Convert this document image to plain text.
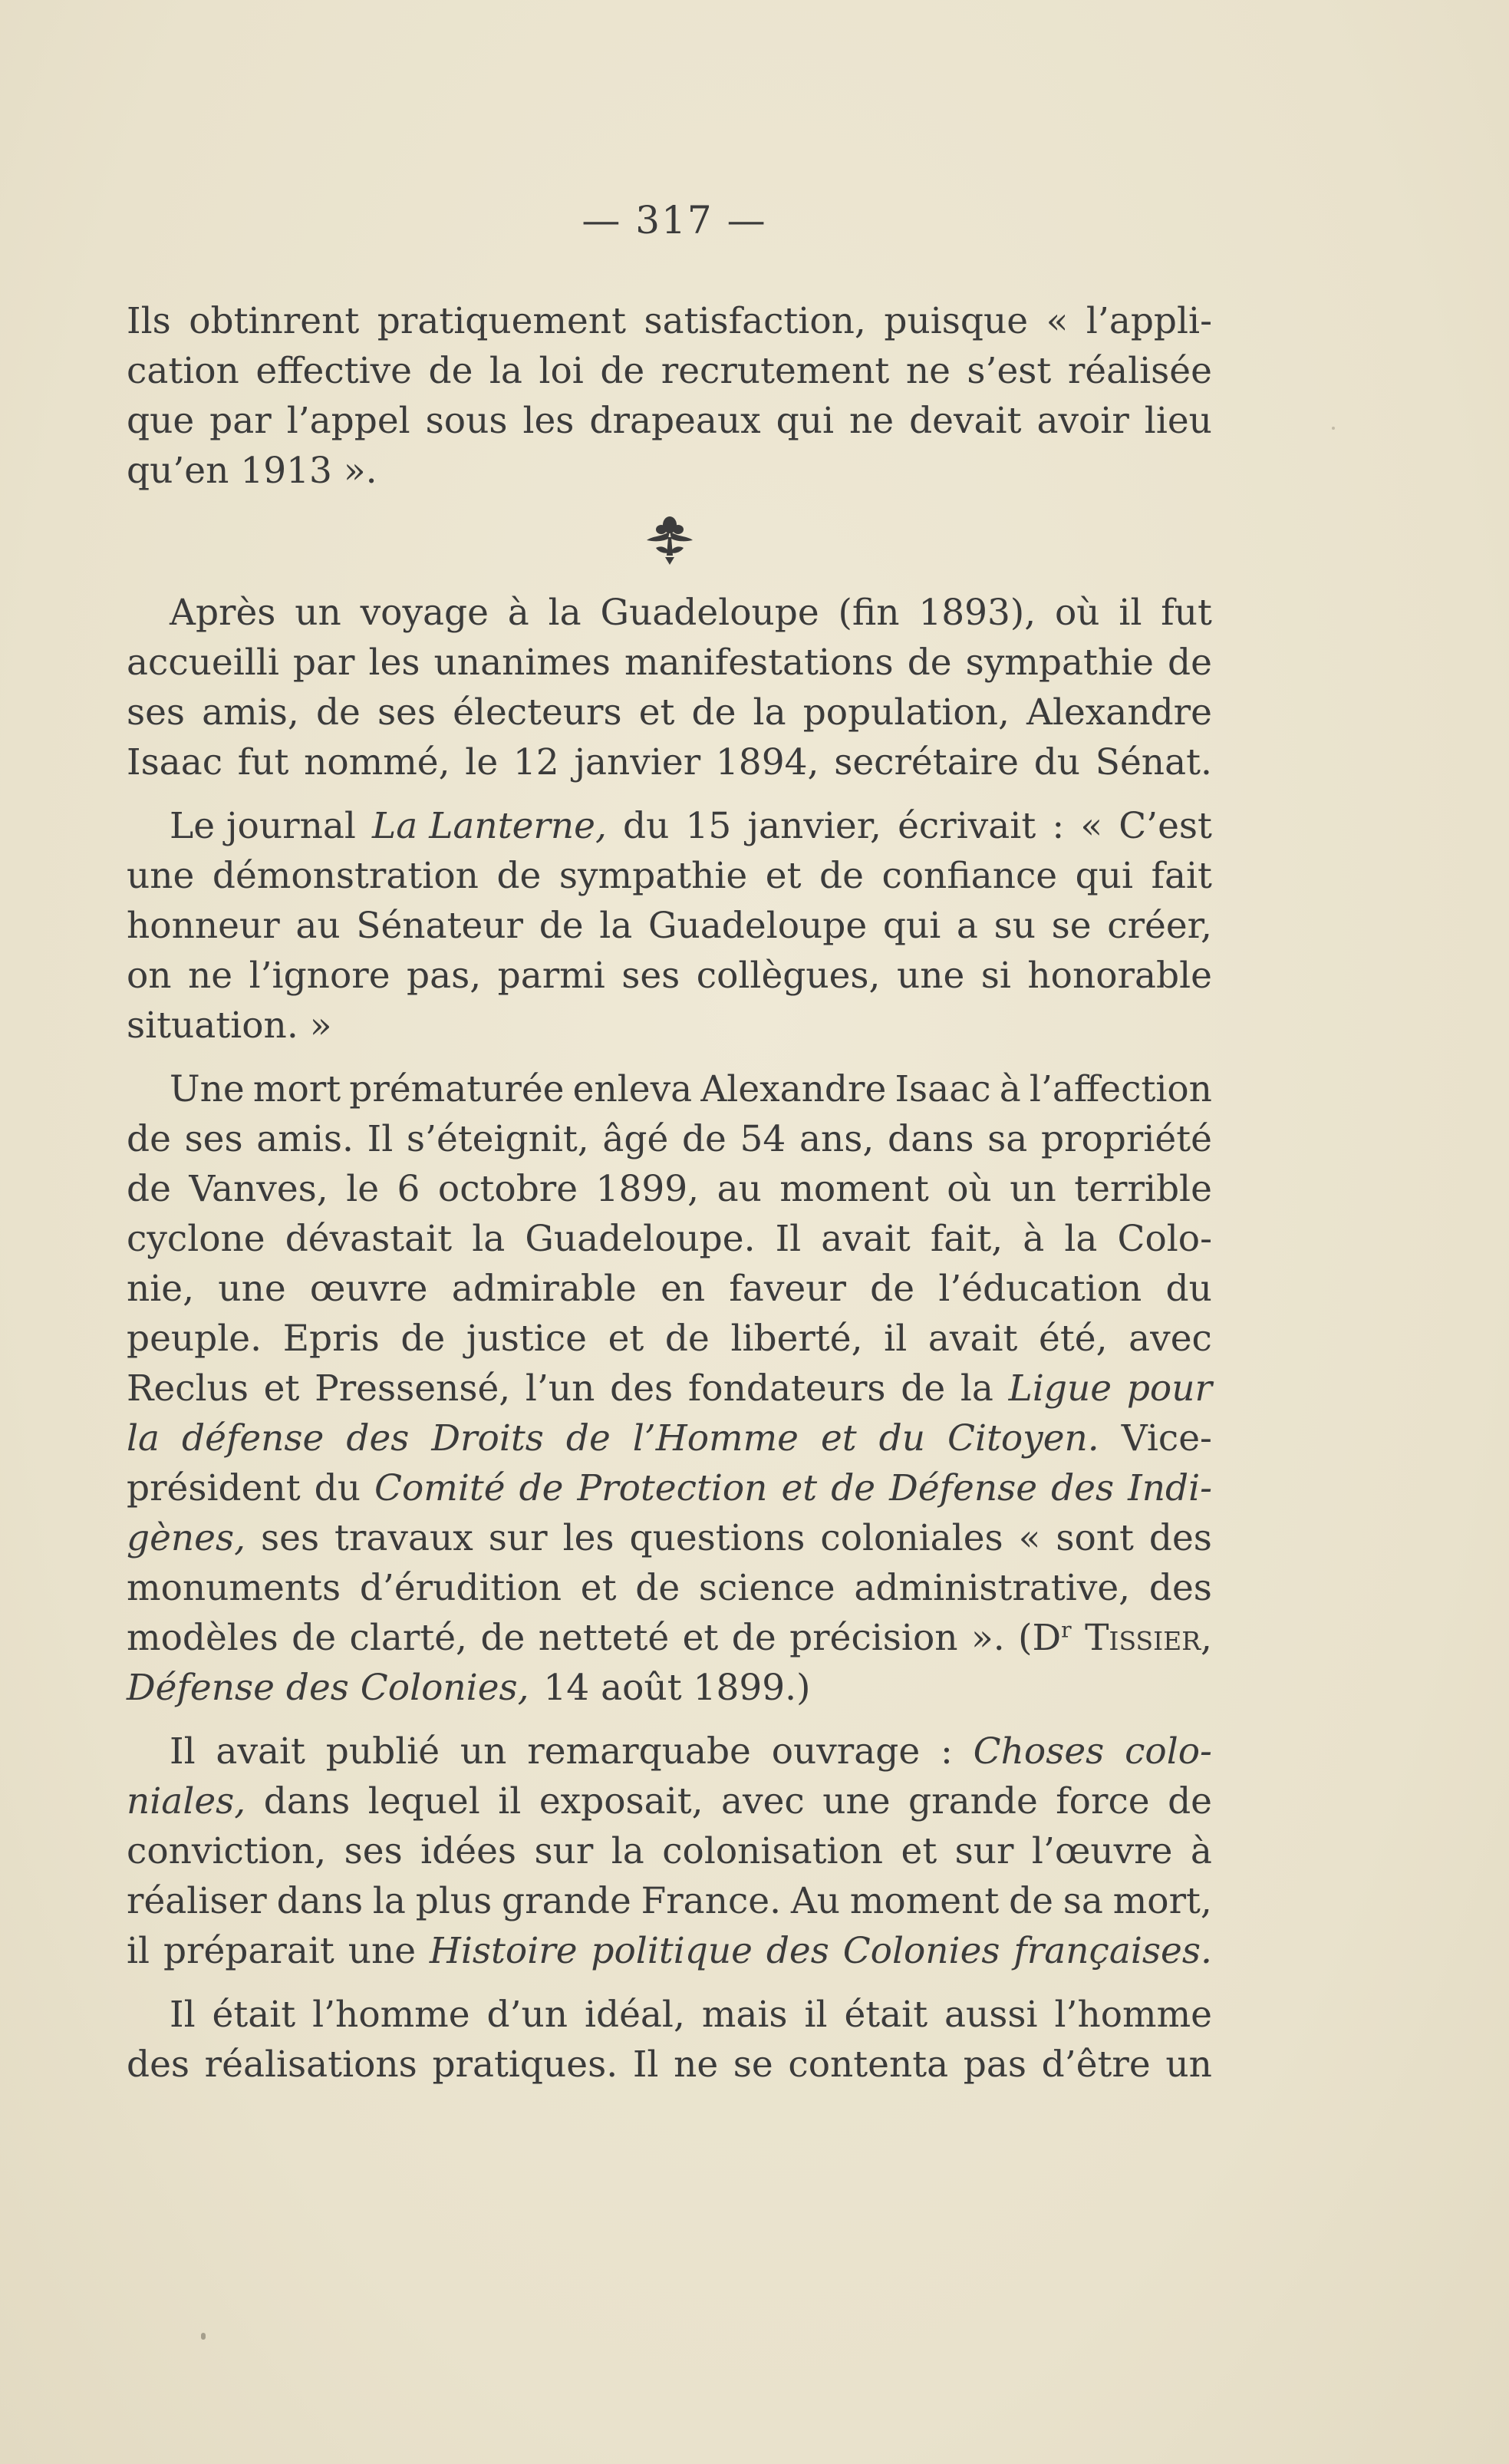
— 317 —
Ils obtinrent pratiquement satisfaction, puisque « l’appli-
cation effective de la loi de recrutement ne s’est réalisée
que par l’appel sous les drapeaux qui ne devait avoir lieu
qu’en 1913 ».
Après un voyage à la Guadeloupe (fin 1893), où il fut
accueilli par les unanimes manifestations de sympathie de
ses amis, de ses électeurs et de la population, Alexandre
Isaac fut nommé, le 12 janvier 1894, secrétaire du Sénat.
Le journal La Lanterne, du 15 janvier, écrivait : « C’est
une démonstration de sympathie et de confiance qui fait
honneur au Sénateur de la Guadeloupe qui a su se créer,
on ne l’ignore pas, parmi ses collègues, une si honorable
situation. »
Une mort prématurée enleva Alexandre Isaac à l’affection
de ses amis. Il s’éteignit, âgé de 54 ans, dans sa propriété
de Vanves, le 6 octobre 1899, au moment où un terrible
cyclone dévastait la Guadeloupe. Il avait fait, à la Colo-
nie, une œuvre admirable en faveur de l’éducation du
peuple. Epris de justice et de liberté, il avait été, avec
Reclus et Pressensé, l’un des fondateurs de la Ligue pour
la défense des Droits de l’Homme et du Citoyen. Vice-
président du Comité de Protection et de Défense des Indi-
gènes, ses travaux sur les questions coloniales « sont des
monuments d’érudition et de science administrative, des
modèles de clarté, de netteté et de précision ». ($D^r$ Tissier,
Défense des Colonies, 14 août 1899.)
Il avait publié un remarquabe ouvrage : Choses colo-
niales, dans lequel il exposait, avec une grande force de
conviction, ses idées sur la colonisation et sur l’œuvre à
réaliser dans la plus grande France. Au moment de sa mort,
il préparait une Histoire politique des Colonies françaises.
Il était l’homme d’un idéal, mais il était aussi l’homme
des réalisations pratiques. Il ne se contenta pas d’être un
